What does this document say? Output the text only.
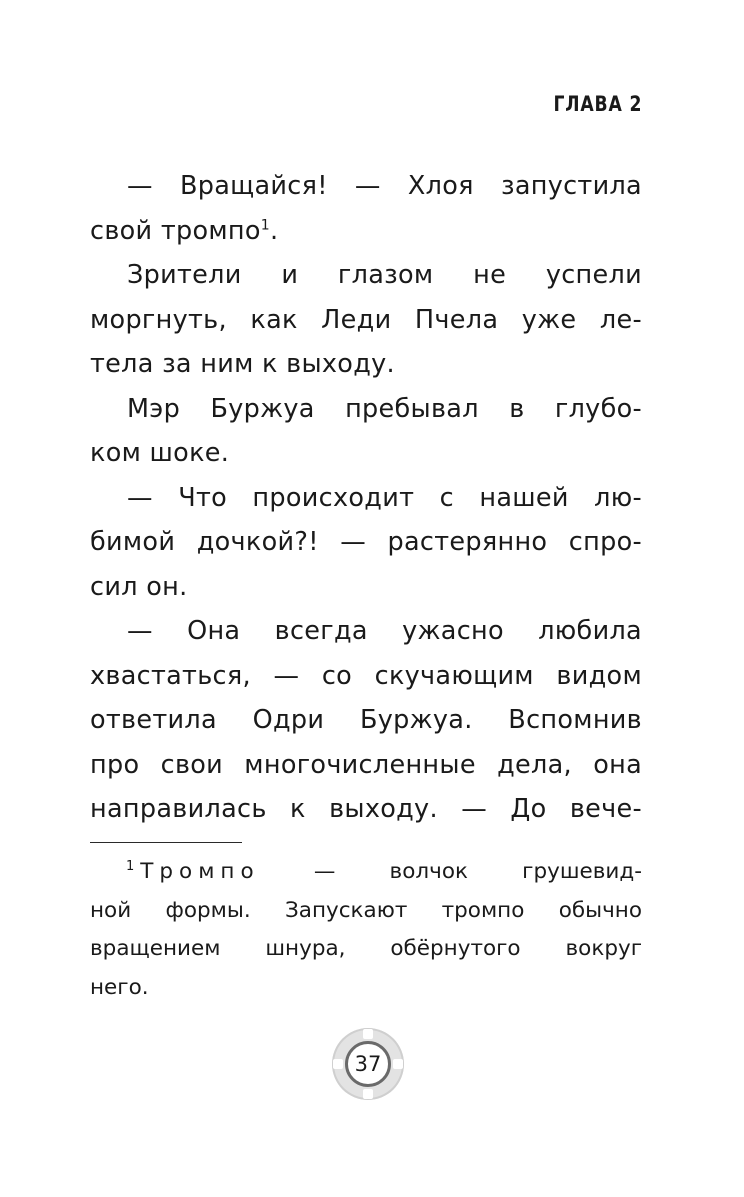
ГЛАВА 2
— Вращайся! — Хлоя запустила
свой тромпо$^1$.
Зрители и глазом не успели
моргнуть, как Леди Пчела уже ле-
тела за ним к выходу.
Мэр Буржуа пребывал в глубо-
ком шоке.
— Что происходит с нашей лю-
бимой дочкой?! — растерянно спро-
сил он.
— Она всегда ужасно любила
хвастаться, — со скучающим видом
ответила Одри Буржуа. Вспомнив
про свои многочисленные дела, она
направилась к выходу. — До вече-
$^1$ Тромпо	— волчок грушевид-
ной формы. Запускают тромпо обычно
вращением шнура, обёрнутого вокруг
него.
37
